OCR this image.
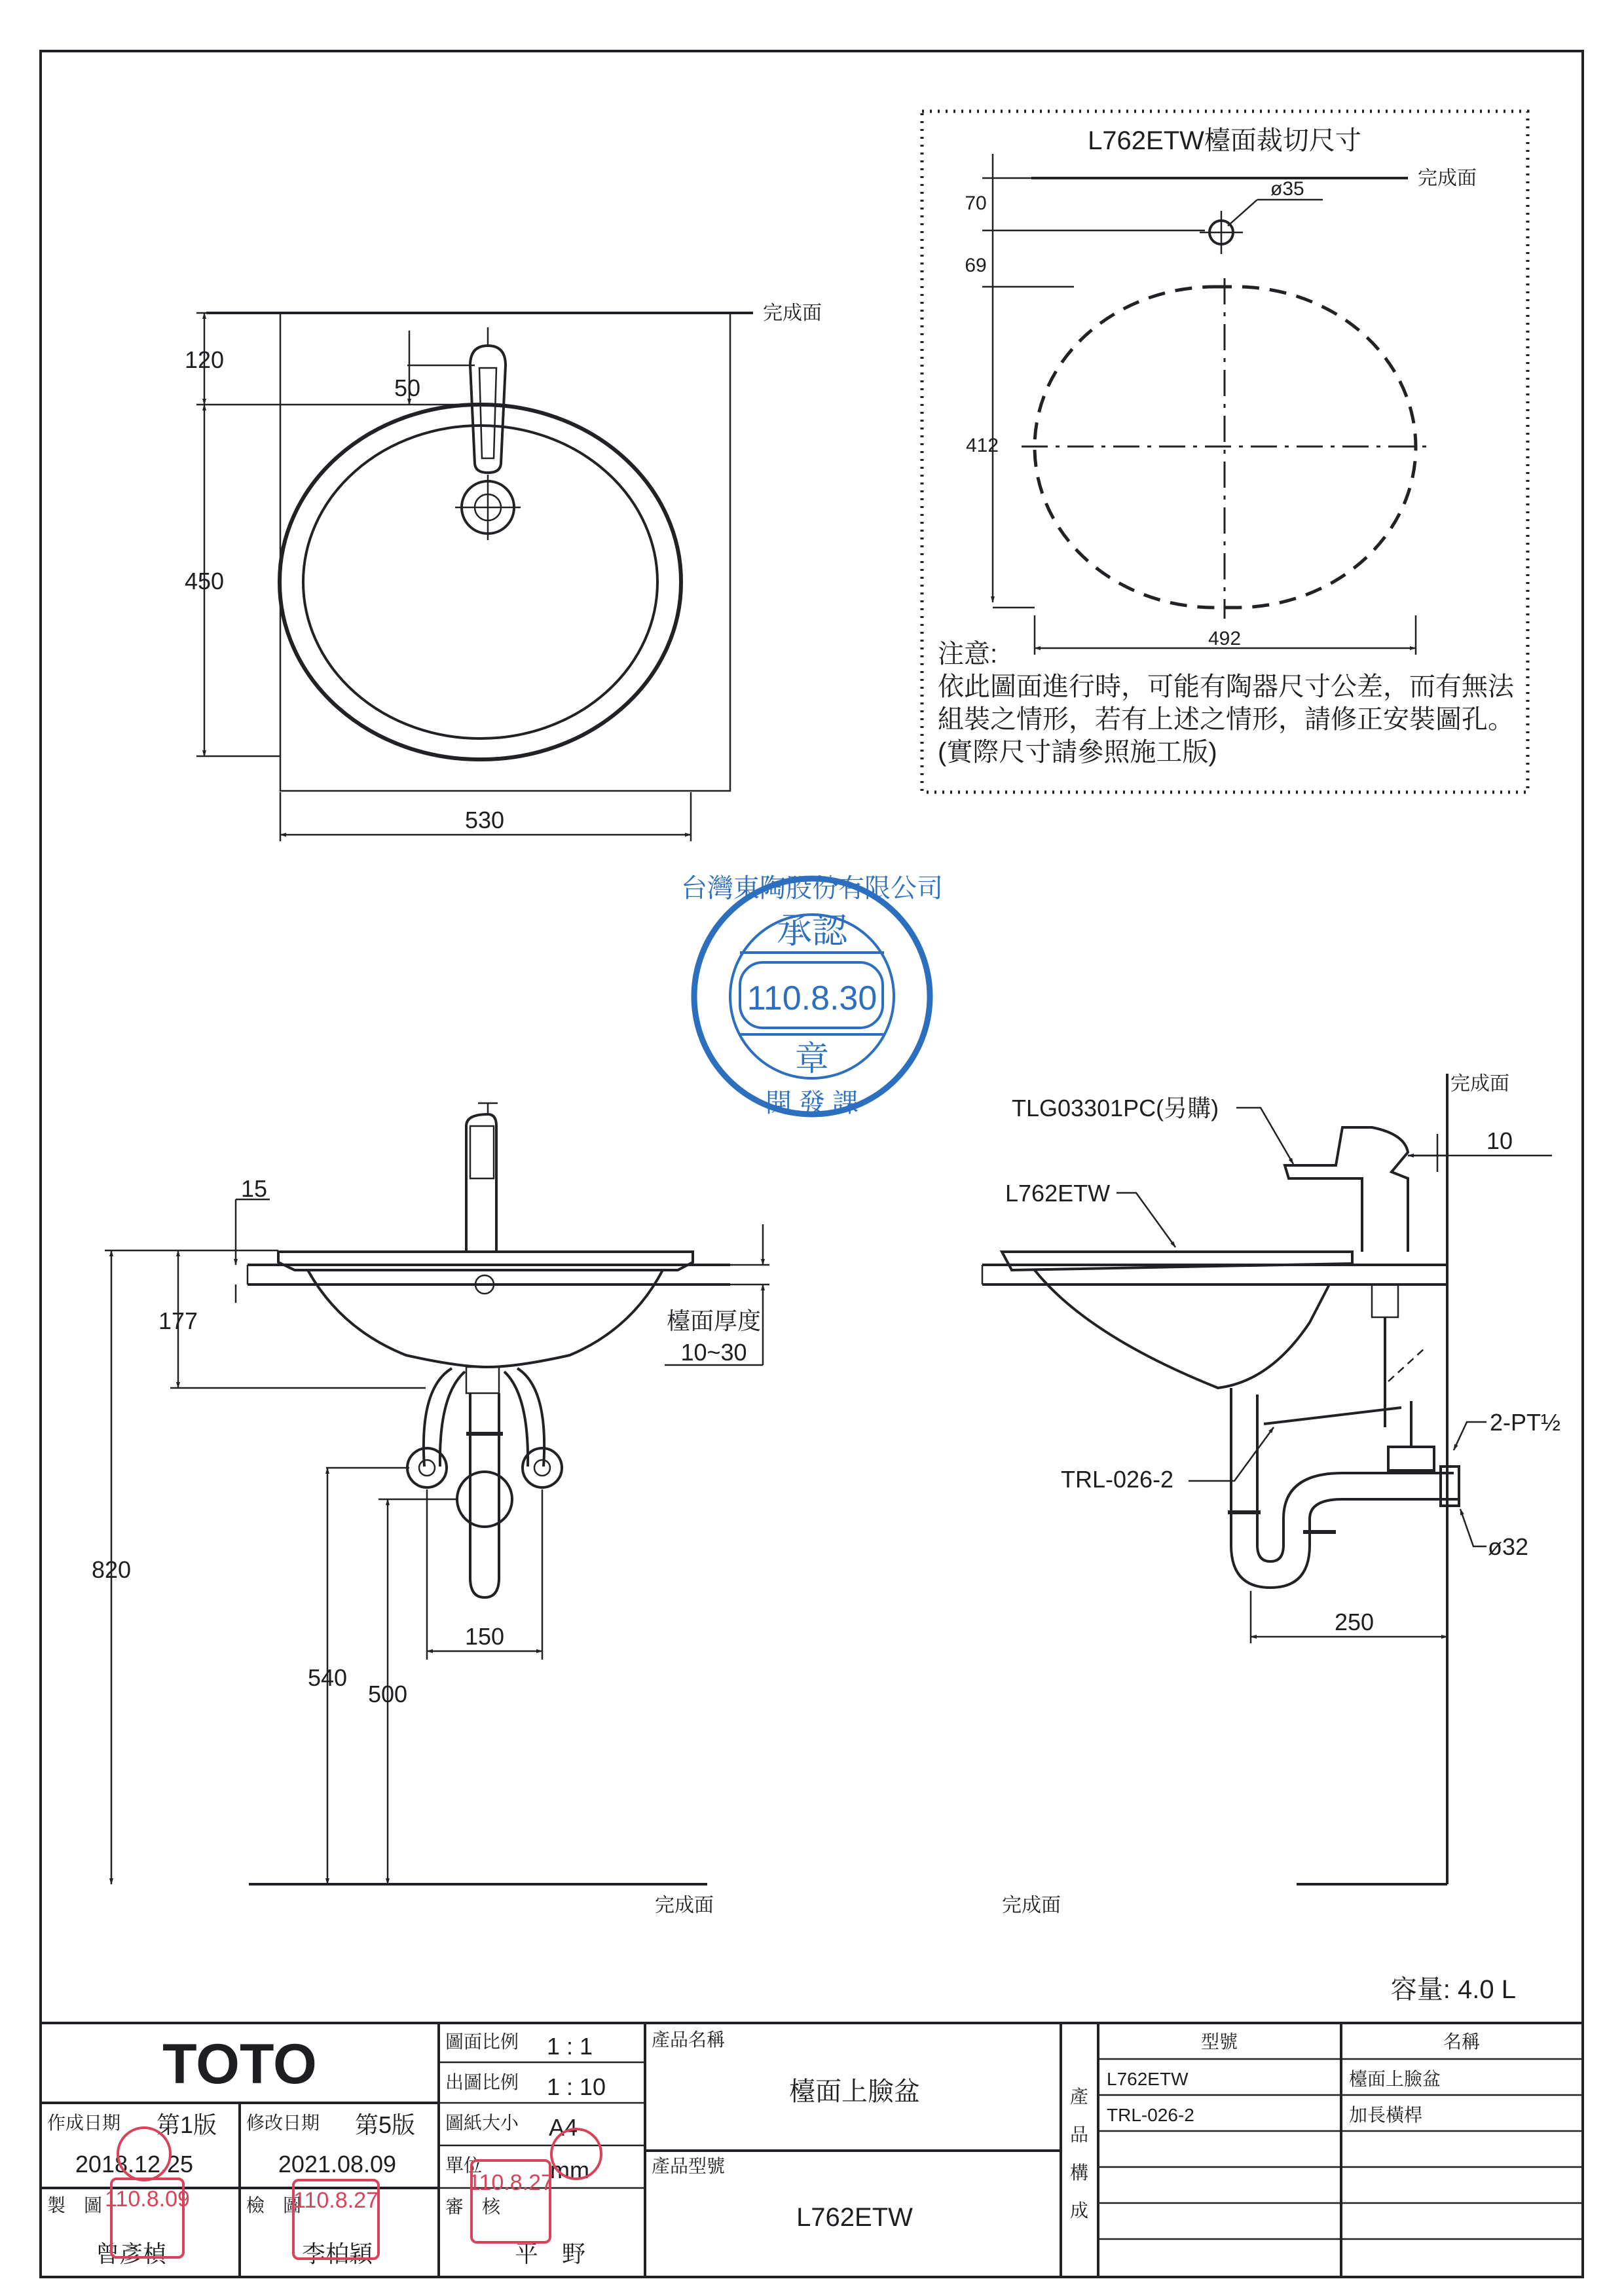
L762ETW檯面裁切尺寸
完成面
70
69
ø35
412
492
注意:
依此圖面進行時，可能有陶器尺寸公差，而有無法
組裝之情形，若有上述之情形，請修正安裝圖孔。
(實際尺寸請參照施工版)
完成面
120
450
50
530
完成面
820
177
15
檯面厚度
10~30
540
500
150
完成面
完成面
TLG03301PC(另購)
L762ETW
TRL-026-2
2-PT½
ø32
10
250
承認
110.8.30
章
台灣東陶股份有限公司
開 發 課
容量: 4.0 L
TOTO
作成日期 第1版
2018.12.25
修改日期 第5版
2021.08.09
製　圖
曾彥楨
檢　圖
李柏穎
圖面比例 1 : 1
出圖比例 1 : 10
圖紙大小 A4
單位	mm
審　核
平　野
產品名稱
檯面上臉盆
產品型號
L762ETW
產
品
構
成
型號	名稱
L762ETW	檯面上臉盆
TRL-026-2	加長橫桿
110.8.09	110.8.27
110.8.27
